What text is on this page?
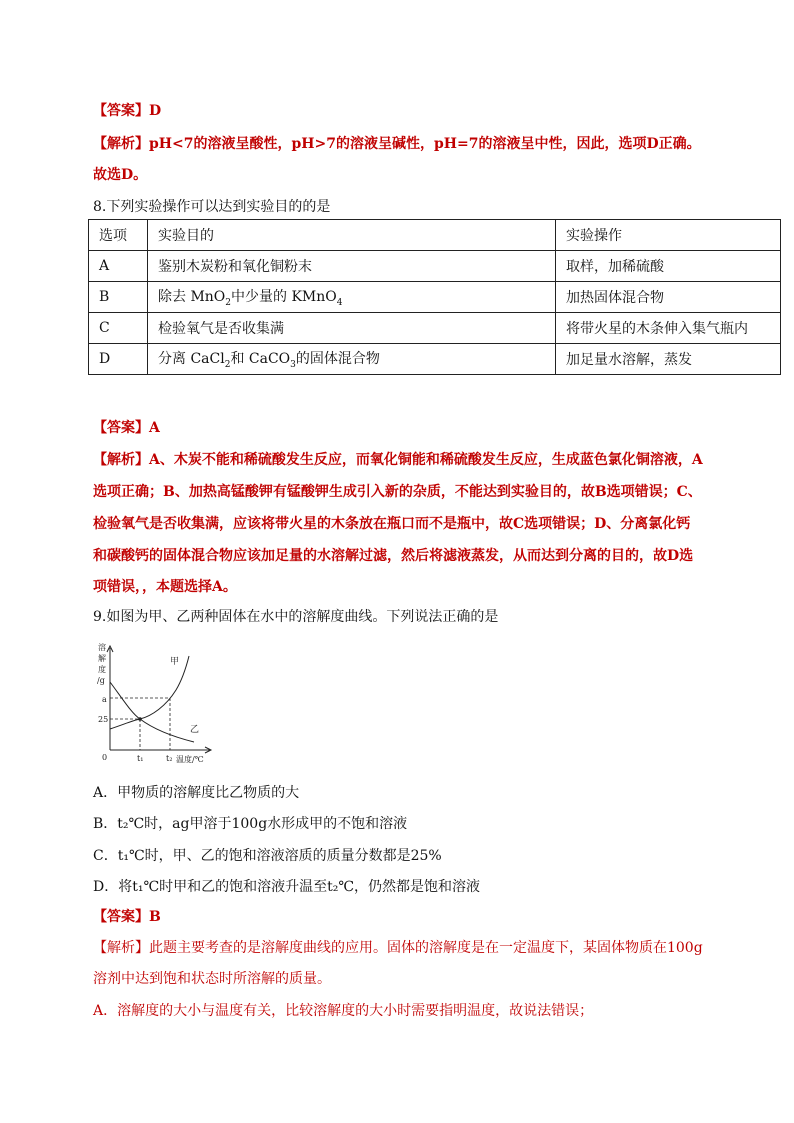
【答案】D
【解析】pH<7的溶液呈酸性，pH>7的溶液呈碱性，pH=7的溶液呈中性，因此，选项D正确。
故选D。
8.下列实验操作可以达到实验目的的是
选项	实验目的	实验操作
A	鉴别木炭粉和氧化铜粉末	取样，加稀硫酸
B	除去 MnO$_2$中少量的 KMnO$_4$	加热固体混合物
C	检验氧气是否收集满	将带火星的木条伸入集气瓶内
D	分离 CaCl$_2$和 CaCO$_3$的固体混合物	加足量水溶解，蒸发
【答案】A
【解析】A、木炭不能和稀硫酸发生反应，而氧化铜能和稀硫酸发生反应，生成蓝色氯化铜溶液，A
选项正确；B、加热高锰酸钾有锰酸钾生成引入新的杂质，不能达到实验目的，故B选项错误；C、
检验氧气是否收集满，应该将带火星的木条放在瓶口而不是瓶中，故C选项错误；D、分离氯化钙
和碳酸钙的固体混合物应该加足量的水溶解过滤，然后将滤液蒸发，从而达到分离的目的，故D选
项错误，，本题选择A。
9.如图为甲、乙两种固体在水中的溶解度曲线。下列说法正确的是
溶
解
度
/g
a
25
0	t₁	t₂ 温度/℃
甲
乙
A．甲物质的溶解度比乙物质的大
B．t₂℃时，ag甲溶于100g水形成甲的不饱和溶液
C．t₁℃时，甲、乙的饱和溶液溶质的质量分数都是25%
D．将t₁℃时甲和乙的饱和溶液升温至t₂℃，仍然都是饱和溶液
【答案】B
【解析】此题主要考查的是溶解度曲线的应用。固体的溶解度是在一定温度下，某固体物质在100g
溶剂中达到饱和状态时所溶解的质量。
A．溶解度的大小与温度有关，比较溶解度的大小时需要指明温度，故说法错误；
